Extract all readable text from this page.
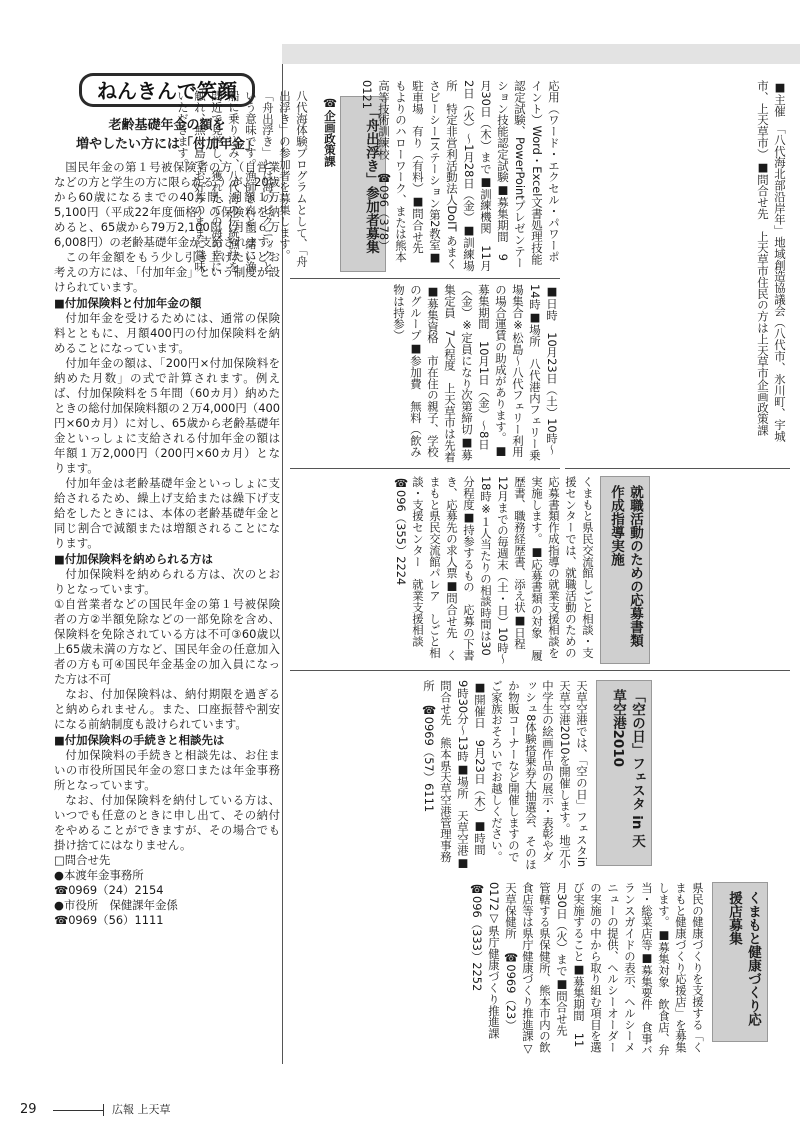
ねんきんで笑顔
老齢基礎年金の額を
増やしたい方には「付加年金」

国民年金の第１号被保険者の方（自営業などの方と学生の方に限られる。）が、20歳から60歳になるまでの40年間、月額１万5,100円（平成22年度価格）の保険料を納めると、65歳から79万2,100円（月額６万6,008円）の老齢基礎年金が支給されます。

この年金額をもう少し引き上げたいとお考えの方には、「付加年金」という制度が設けられています。

■付加保険料と付加年金の額

付加年金を受けるためには、通常の保険料とともに、月額400円の付加保険料を納めることになっています。

付加年金の額は、「200円×付加保険料を納めた月数」の式で計算されます。例えば、付加保険料を５年間（60カ月）納めたときの総付加保険料額の２万4,000円（400円×60カ月）に対し、65歳から老齢基礎年金といっしょに支給される付加年金の額は年額１万2,000円（200円×60カ月）となります。

付加年金は老齢基礎年金といっしょに支給されるため、繰上げ支給または繰下げ支給をしたときには、本体の老齢基礎年金と同じ割合で減額または増額されることになります。

■付加保険料を納められる方は

付加保険料を納められる方は、次のとおりとなっています。

①自営業者などの国民年金の第１号被保険者の方②半額免除などの一部免除を含め、保険料を免除されている方は不可③60歳以上65歳未満の方など、国民年金の任意加入者の方も可④国民年金基金の加入員になった方は不可

なお、付加保険料は、納付期限を過ぎると納められません。また、口座振替や割安になる前納制度も設けられています。

■付加保険料の手続きと相談先は

付加保険料の手続きと相談先は、お住まいの市役所国民年金の窓口または年金事務所となっています。

なお、付加保険料を納付している方は、いつでも任意のときに申し出て、その納付をやめることができますが、その場合でも掛け捨てにはなりません。

□問合せ先
●本渡年金事務所
☎0969（24）2154
●市役所　保健課年金係
☎0969（56）1111
「舟出浮き」参加者募集
☎企画政策課
八代海体験プログラムとして、「舟出浮き」の参加者を募集します。「舟出浮き」とは海のピクニックという意味です。漁師さんと一緒に漁船に乗り込み、八代海の伝統漁法を間近で見学し、獲れたての海の幸に触れ、無人島でお好みのままに賞味いただきます。
■日時　10月23日（土）10時～14時■場所　八代港内フェリー乗場集合※松島～八代フェリー利用の場合運賃の助成があります。■募集期間　10月1日（金）～8日（金）※定員になり次第締切■募集定員　7人程度　上天草市は先着■募集資格　市在住の親子、学校のグループ■参加費　無料（飲み物は持参）
応用（ワード・エクセル・パワーポイント）Word・Excel文書処理技能認定試験、PowerPointプレゼンテーション技能認定試験■募集期間　9月30日（木）まで■訓練機関　11月2日（火）～1月28日（金）■訓練場所　特定非営利活動法人DoIT あまくさビーシーIステーション第2教室■駐車場　有り（有料）■問合せ先　もよりのハローワーク、または熊本高等技術訓練校　☎096（378）0121	■主催　「八代海北部沿岸年」地域創造協議会（八代市、氷川町、宇城市、上天草市）■問合せ先　上天草市住民の方は上天草市企画政策課
就職活動のための応募書類作成指導実施
くまもと県民交流館しごと相談・支援センターでは、就職活動のための応募書類作成指導の就業支援相談を実施します。■応募書類の対象　履歴書、職務経歴書、添え状■日程　12月までの毎週末（土・日）10時～18時※１人当たりの相談時間は30分程度■持参するもの　応募の下書き、応募先の求人票■問合せ先　くまもと県民交流館パレア　しごと相談・支援センター　就業支援相談　☎096（355）2224
「空の日」フェスタ in 天草空港2010
天草空港では、「空の日」フェスタin天草空港2010を開催します。地元小中学生の絵画作品の展示・表彰やダッシュ8体験搭乗券大抽選会、そのほか物販コーナーなど開催しますのでご家族おそろいでお越しください。■開催日　9月23日（木）■時間　9時30分～13時■場所　天草空港■問合せ先　熊本県天草空港管理事務所　☎0969（57）6111
くまもと健康づくり応援店募集
県民の健康づくりを支援する「くまもと健康づくり応援店」を募集します。■募集対象　飲食店、弁当・総菜店等■募集要件　食事バランスガイドの表示、ヘルシーメニューの提供、ヘルシーオーダーの実施の中から取り組む項目を選び実施すること■募集期間　11月30日（火）まで■問合せ先　管轄する県保健所、熊本市内の飲食店等は県庁健康づくり推進課▽天草保健所　☎0969（23）0172▽県庁健康づくり推進課　☎096（333）2252
29	広報 上天草
